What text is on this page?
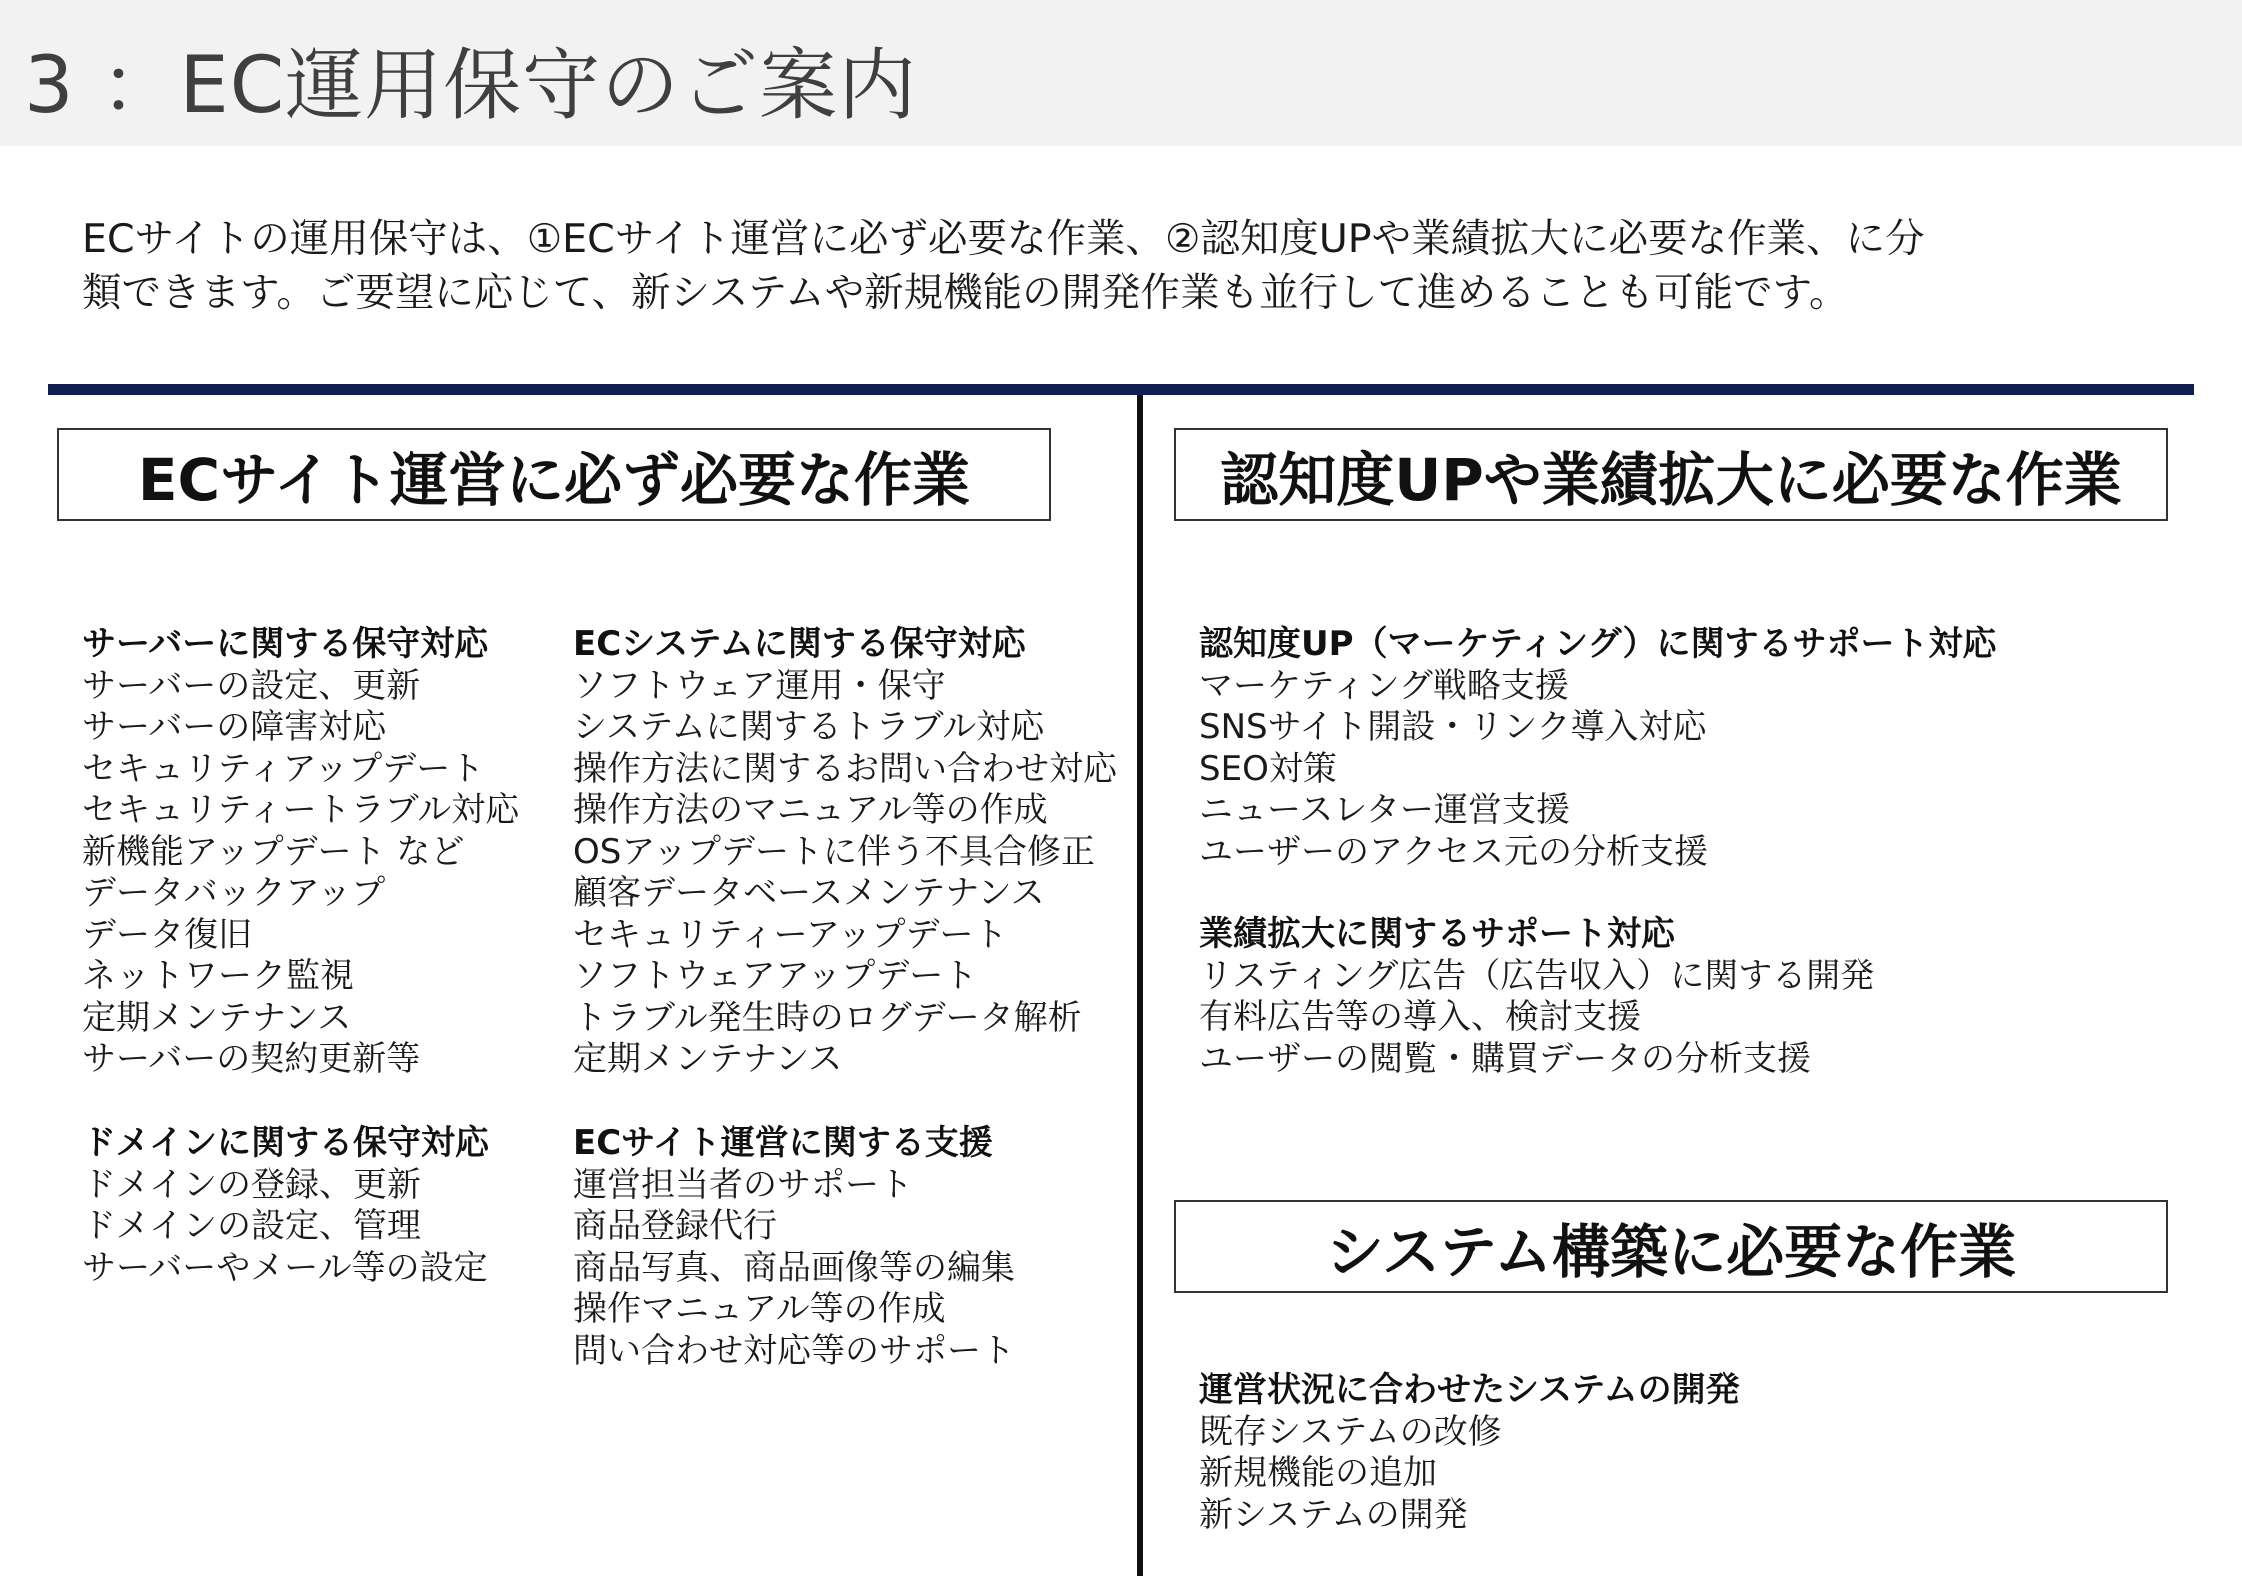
3 ：EC運用保守のご案内
ECサイトの運用保守は、①ECサイト運営に必ず必要な作業、②認知度UPや業績拡大に必要な作業、に分
類できます。ご要望に応じて、新システムや新規機能の開発作業も並行して進めることも可能です。
ECサイト運営に必ず必要な作業	認知度UPや業績拡大に必要な作業
システム構築に必要な作業
サーバーに関する保守対応
サーバーの設定、更新
サーバーの障害対応
セキュリティアップデート
セキュリティートラブル対応
新機能アップデート など
データバックアップ
データ復旧
ネットワーク監視
定期メンテナンス
サーバーの契約更新等
ドメインに関する保守対応
ドメインの登録、更新
ドメインの設定、管理
サーバーやメール等の設定
ECシステムに関する保守対応
ソフトウェア運用・保守
システムに関するトラブル対応
操作方法に関するお問い合わせ対応
操作方法のマニュアル等の作成
OSアップデートに伴う不具合修正
顧客データベースメンテナンス
セキュリティーアップデート
ソフトウェアアップデート
トラブル発生時のログデータ解析
定期メンテナンス
ECサイト運営に関する支援
運営担当者のサポート
商品登録代行
商品写真、商品画像等の編集
操作マニュアル等の作成
問い合わせ対応等のサポート
認知度UP（マーケティング）に関するサポート対応
マーケティング戦略支援
SNSサイト開設・リンク導入対応
SEO対策
ニュースレター運営支援
ユーザーのアクセス元の分析支援
業績拡大に関するサポート対応
リスティング広告（広告収入）に関する開発
有料広告等の導入、検討支援
ユーザーの閲覧・購買データの分析支援
運営状況に合わせたシステムの開発
既存システムの改修
新規機能の追加
新システムの開発
